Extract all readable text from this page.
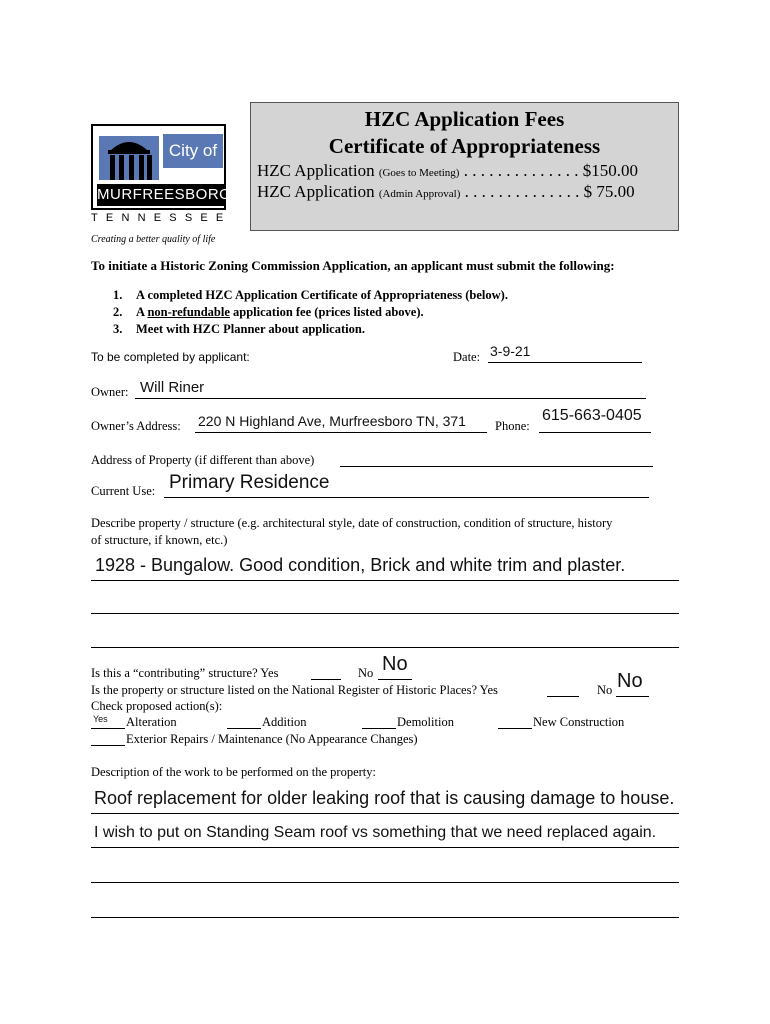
City of
MURFREESBORO
TENNESSEE
Creating a better quality of life
HZC Application Fees
Certificate of Appropriateness
HZC Application (Goes to Meeting) . . . . . . . . . . . . . . $150.00
HZC Application (Admin Approval) . . . . . . . . . . . . . . $ 75.00
To initiate a Historic Zoning Commission Application, an applicant must submit the following:
1. A completed HZC Application Certificate of Appropriateness (below).
2. A non-refundable application fee (prices listed above).
3. Meet with HZC Planner about application.
To be completed by applicant:	Date: 3-9-21
Owner: Will Riner
Owner’s Address: 220 N Highland Ave, Murfreesboro TN, 371	Phone:
615-663-0405
Address of Property (if different than above)
Current Use: Primary Residence
Describe property / structure (e.g. architectural style, date of construction, condition of structure, history
of structure, if known, etc.)
1928 - Bungalow. Good condition, Brick and white trim and plaster.
Is this a “contributing” structure? Yes	No No
Is the property or structure listed on the National Register of Historic Places? Yes	No No
Check proposed action(s):
Yes Alteration	Addition	Demolition	New Construction
Exterior Repairs / Maintenance (No Appearance Changes)
Description of the work to be performed on the property:
Roof replacement for older leaking roof that is causing damage to house.
I wish to put on Standing Seam roof vs something that we need replaced again.
